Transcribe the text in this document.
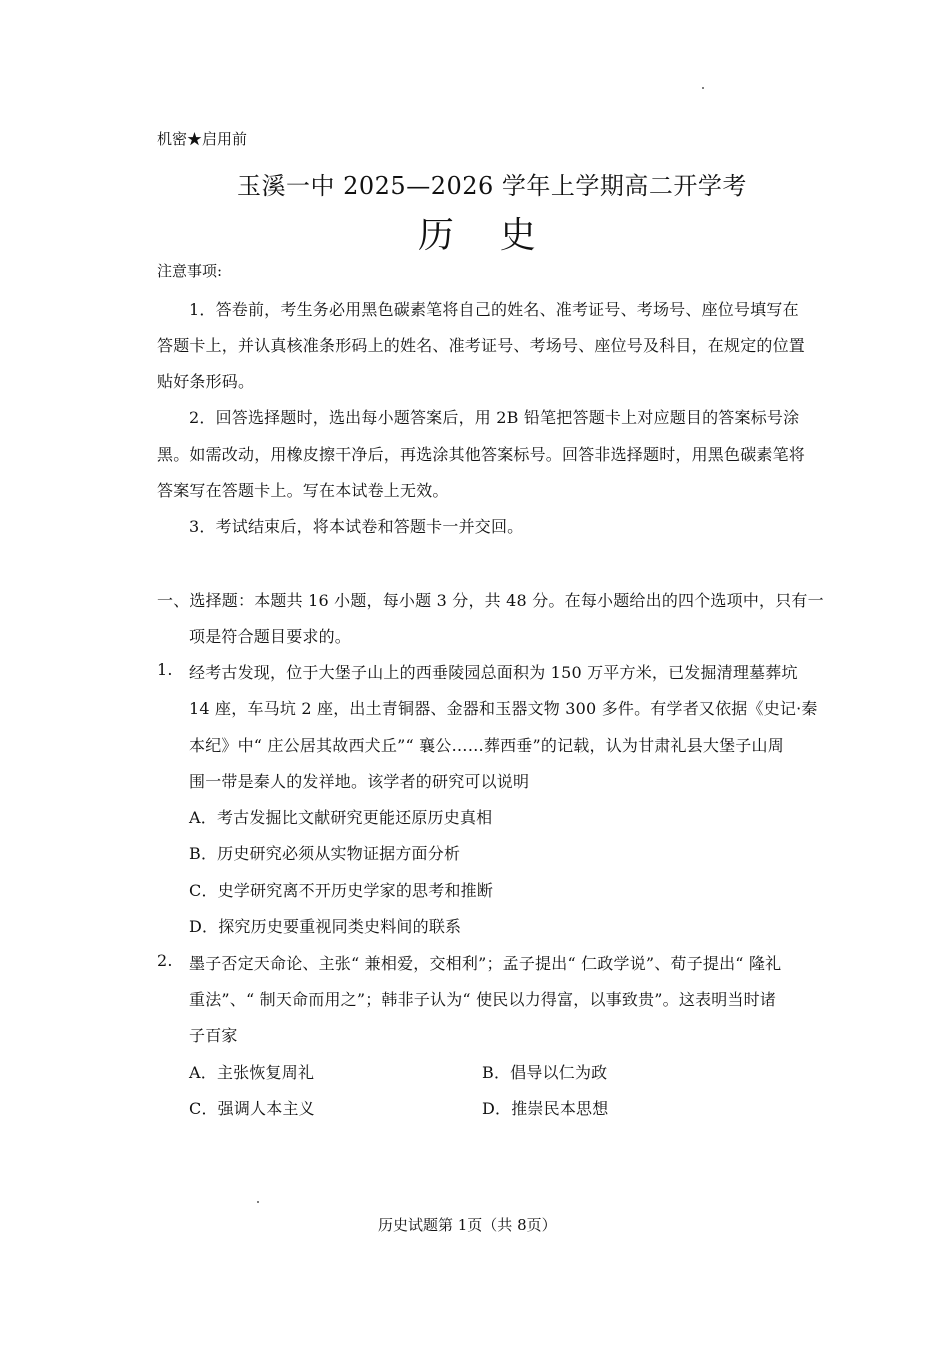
机密★启用前
玉溪一中 2025—2026 学年上学期高二开学考
历    史
注意事项:
1．答卷前，考生务必用黑色碳素笔将自己的姓名、准考证号、考场号、座位号填写在
答题卡上，并认真核准条形码上的姓名、准考证号、考场号、座位号及科目，在规定的位置
贴好条形码。
2．回答选择题时，选出每小题答案后，用 2B 铅笔把答题卡上对应题目的答案标号涂
黑。如需改动，用橡皮擦干净后，再选涂其他答案标号。回答非选择题时，用黑色碳素笔将
答案写在答题卡上。写在本试卷上无效。
3．考试结束后，将本试卷和答题卡一并交回。
一、选择题：本题共 16 小题，每小题 3 分，共 48 分。在每小题给出的四个选项中，只有一
项是符合题目要求的。
1. 经考古发现，位于大堡子山上的西垂陵园总面积为 150 万平方米，已发掘清理墓葬坑
14 座，车马坑 2 座，出土青铜器、金器和玉器文物 300 多件。有学者又依据《史记·秦
本纪》中“ 庄公居其故西犬丘”“ 襄公……葬西垂”的记载，认为甘肃礼县大堡子山周
围一带是秦人的发祥地。该学者的研究可以说明
A．考古发掘比文献研究更能还原历史真相
B．历史研究必须从实物证据方面分析
C．史学研究离不开历史学家的思考和推断
D．探究历史要重视同类史料间的联系
2. 墨子否定天命论、主张“ 兼相爱，交相利”；孟子提出“ 仁政学说”、荀子提出“ 隆礼
重法”、“ 制天命而用之”；韩非子认为“ 使民以力得富，以事致贵”。这表明当时诸
子百家
A．主张恢复周礼	B．倡导以仁为政
C．强调人本主义	D．推崇民本思想
历史试题第 1页（共 8页）
